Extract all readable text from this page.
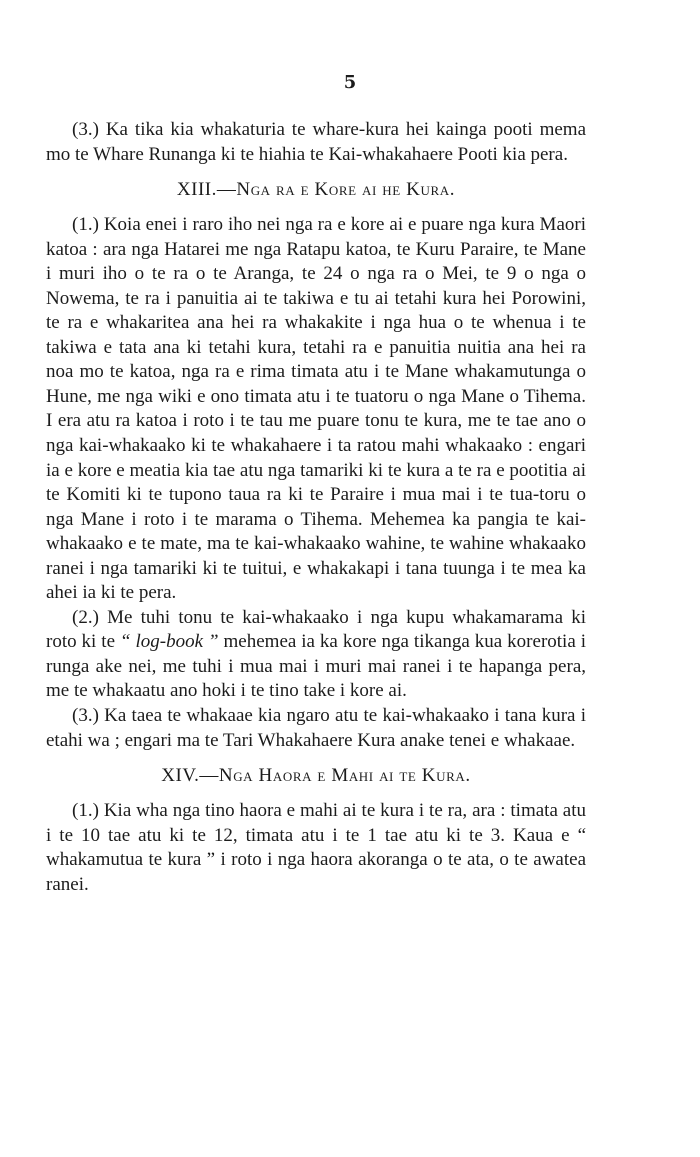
5

(3.) Ka tika kia whakaturia te whare-kura hei kainga pooti mema mo te Whare Runanga ki te hiahia te Kai-whakahaere Pooti kia pera.

XIII.—Nga ra e Kore ai he Kura.

(1.) Koia enei i raro iho nei nga ra e kore ai e puare nga kura Maori katoa : ara nga Hatarei me nga Ratapu katoa, te Kuru Paraire, te Mane i muri iho o te ra o te Aranga, te 24 o nga ra o Mei, te 9 o nga o Nowema, te ra i panuitia ai te takiwa e tu ai tetahi kura hei Porowini, te ra e whakaritea ana hei ra whakakite i nga hua o te whenua i te takiwa e tata ana ki tetahi kura, tetahi ra e panuitia nuitia ana hei ra noa mo te katoa, nga ra e rima timata atu i te Mane whakamutunga o Hune, me nga wiki e ono timata atu i te tuatoru o nga Mane o Tihema. I era atu ra katoa i roto i te tau me puare tonu te kura, me te tae ano o nga kai-whakaako ki te whakahaere i ta ratou mahi whakaako : engari ia e kore e meatia kia tae atu nga tamariki ki te kura a te ra e pootitia ai te Komiti ki te tupono taua ra ki te Paraire i mua mai i te tua-toru o nga Mane i roto i te marama o Tihema. Mehemea ka pangia te kai-whakaako e te mate, ma te kai-whakaako wahine, te wahine whakaako ranei i nga tamariki ki te tuitui, e whakakapi i tana tuunga i te mea ka ahei ia ki te pera.

(2.) Me tuhi tonu te kai-whakaako i nga kupu whakamarama ki roto ki te “ log-book ” mehemea ia ka kore nga tikanga kua korerotia i runga ake nei, me tuhi i mua mai i muri mai ranei i te hapanga pera, me te whakaatu ano hoki i te tino take i kore ai.

(3.) Ka taea te whakaae kia ngaro atu te kai-whakaako i tana kura i etahi wa ; engari ma te Tari Whakahaere Kura anake tenei e whakaae.

XIV.—Nga Haora e Mahi ai te Kura.

(1.) Kia wha nga tino haora e mahi ai te kura i te ra, ara : timata atu i te 10 tae atu ki te 12, timata atu i te 1 tae atu ki te 3. Kaua e “ whakamutua te kura ” i roto i nga haora akoranga o te ata, o te awatea ranei.
